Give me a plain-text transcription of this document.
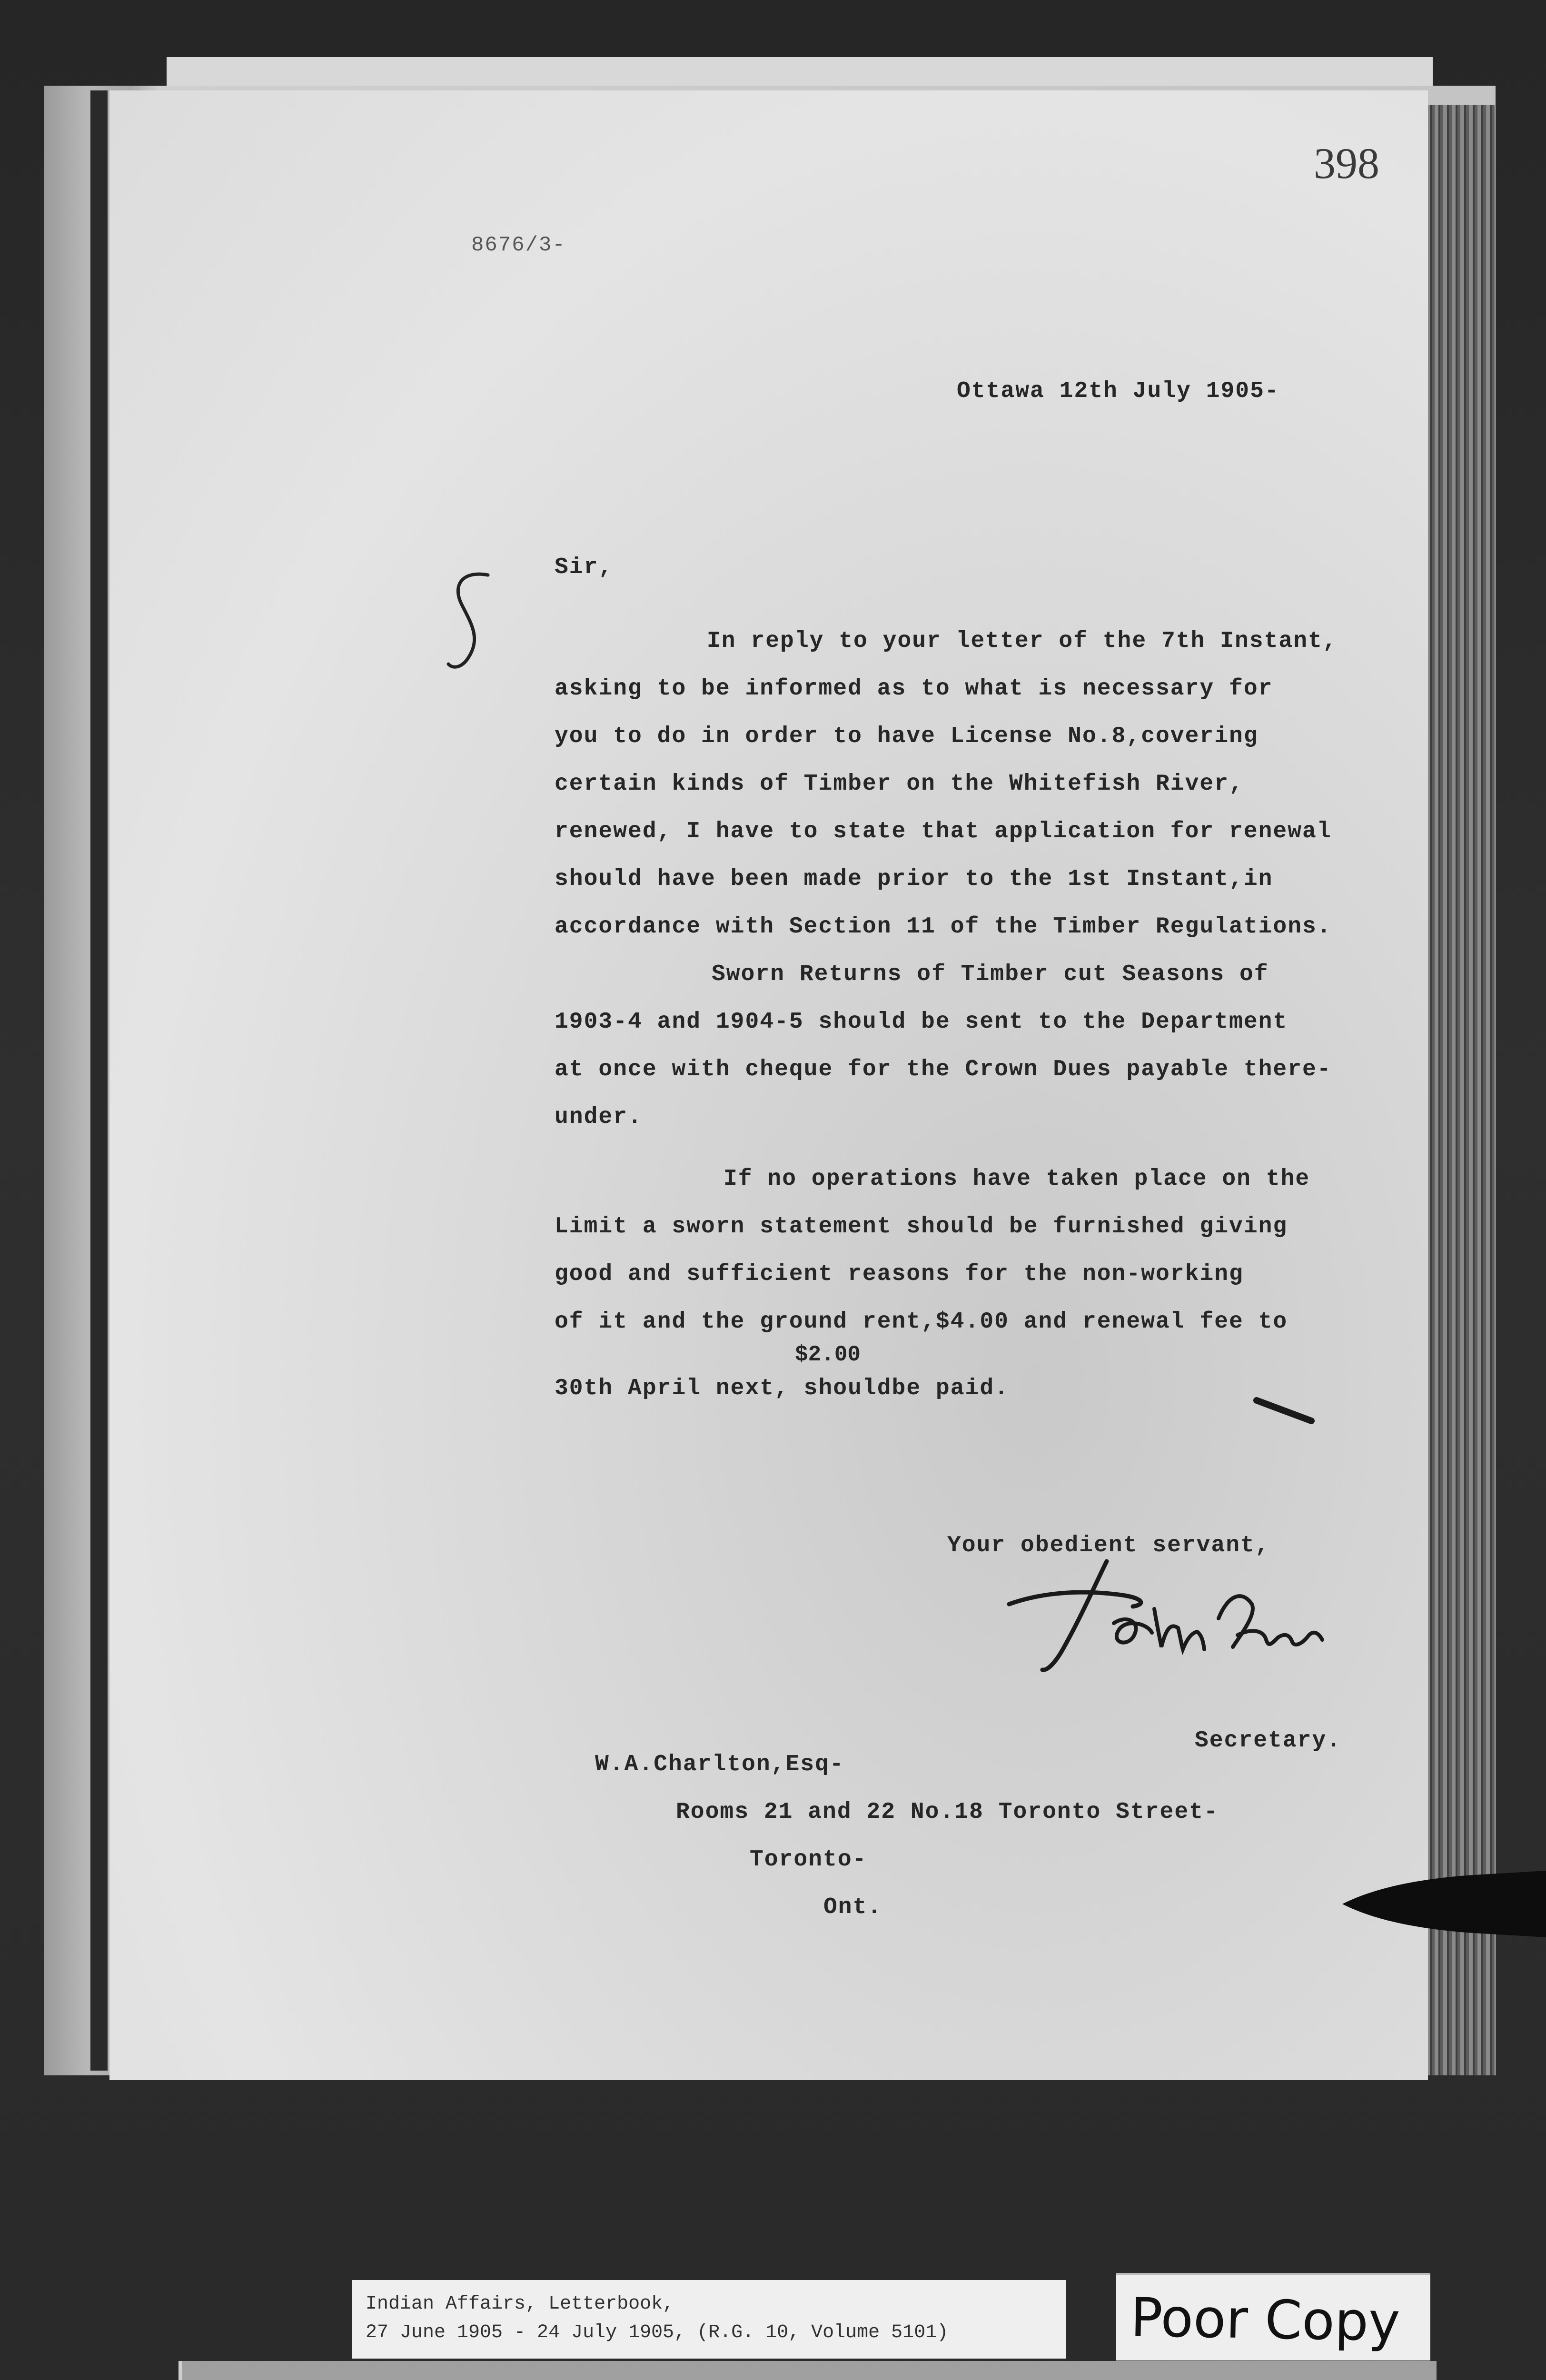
398
8676/3-
Ottawa 12th July 1905-
Sir,
In reply to your letter of the 7th Instant,
asking to be informed as to what is necessary for
you to do in order to have License No.8,covering
certain kinds of Timber on the Whitefish River,
renewed, I have to state that application for renewal
should have been made prior to the 1st Instant,in
accordance with Section 11 of the Timber Regulations.
Sworn Returns of Timber cut Seasons of
1903-4 and 1904-5 should be sent to the Department
at once with cheque for the Crown Dues payable there-
under.
If no operations have taken place on the
Limit a sworn statement should be furnished giving
good and sufficient reasons for the non-working
of it and the ground rent,$4.00 and renewal fee to
$2.00
30th April next, shouldbe paid.
Your obedient servant,
Secretary.
W.A.Charlton,Esq-
Rooms 21 and 22 No.18 Toronto Street-
Toronto-
Ont.
Indian Affairs, Letterbook,
27 June 1905 - 24 July 1905, (R.G. 10, Volume 5101)	Poor Copy
